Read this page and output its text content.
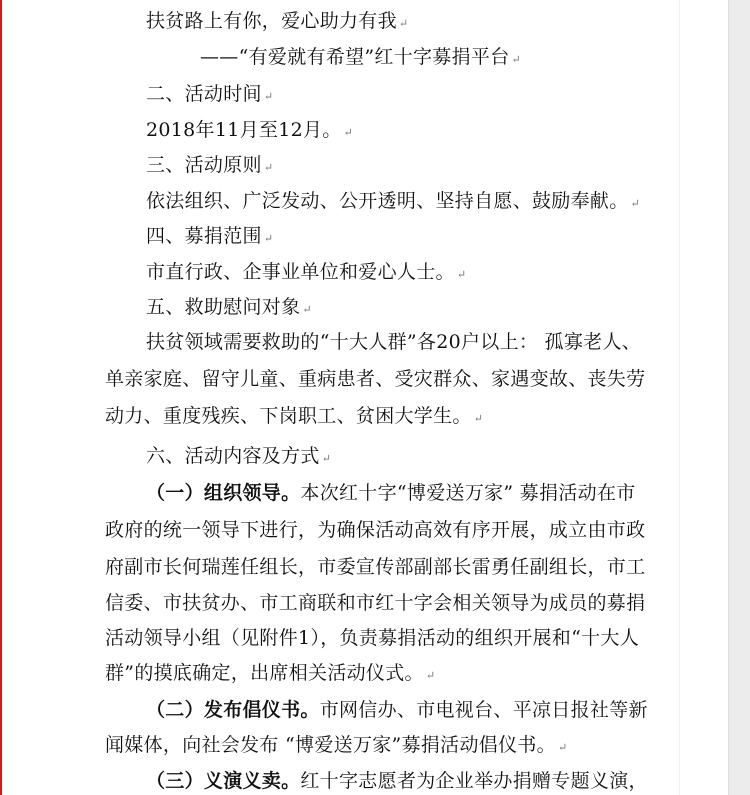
扶贫路上有你，爱心助力有我 ↵
——“有爱就有希望”红十字募捐平台 ↵
二、活动时间 ↵
2018年11月至12月。 ↵
三、活动原则 ↵
依法组织、广泛发动、公开透明、坚持自愿、鼓励奉献。 ↵
四、募捐范围 ↵
市直行政、企事业单位和爱心人士。 ↵
五、救助慰问对象 ↵
扶贫领域需要救助的“十大人群”各20户以上： 孤寡老人、
单亲家庭、留守儿童、重病患者、受灾群众、家遇变故、丧失劳
动力、重度残疾、下岗职工、贫困大学生。 ↵
六、活动内容及方式 ↵
（一）组织领导。本次红十字“博爱送万家” 募捐活动在市
政府的统一领导下进行，为确保活动高效有序开展，成立由市政
府副市长何瑞莲任组长，市委宣传部副部长雷勇任副组长，市工
信委、市扶贫办、市工商联和市红十字会相关领导为成员的募捐
活动领导小组（见附件1），负责募捐活动的组织开展和“十大人
群”的摸底确定，出席相关活动仪式。 ↵
（二）发布倡仪书。市网信办、市电视台、平凉日报社等新
闻媒体，向社会发布 “博爱送万家”募捐活动倡仪书。 ↵
（三）义演义卖。红十字志愿者为企业举办捐赠专题义演，
